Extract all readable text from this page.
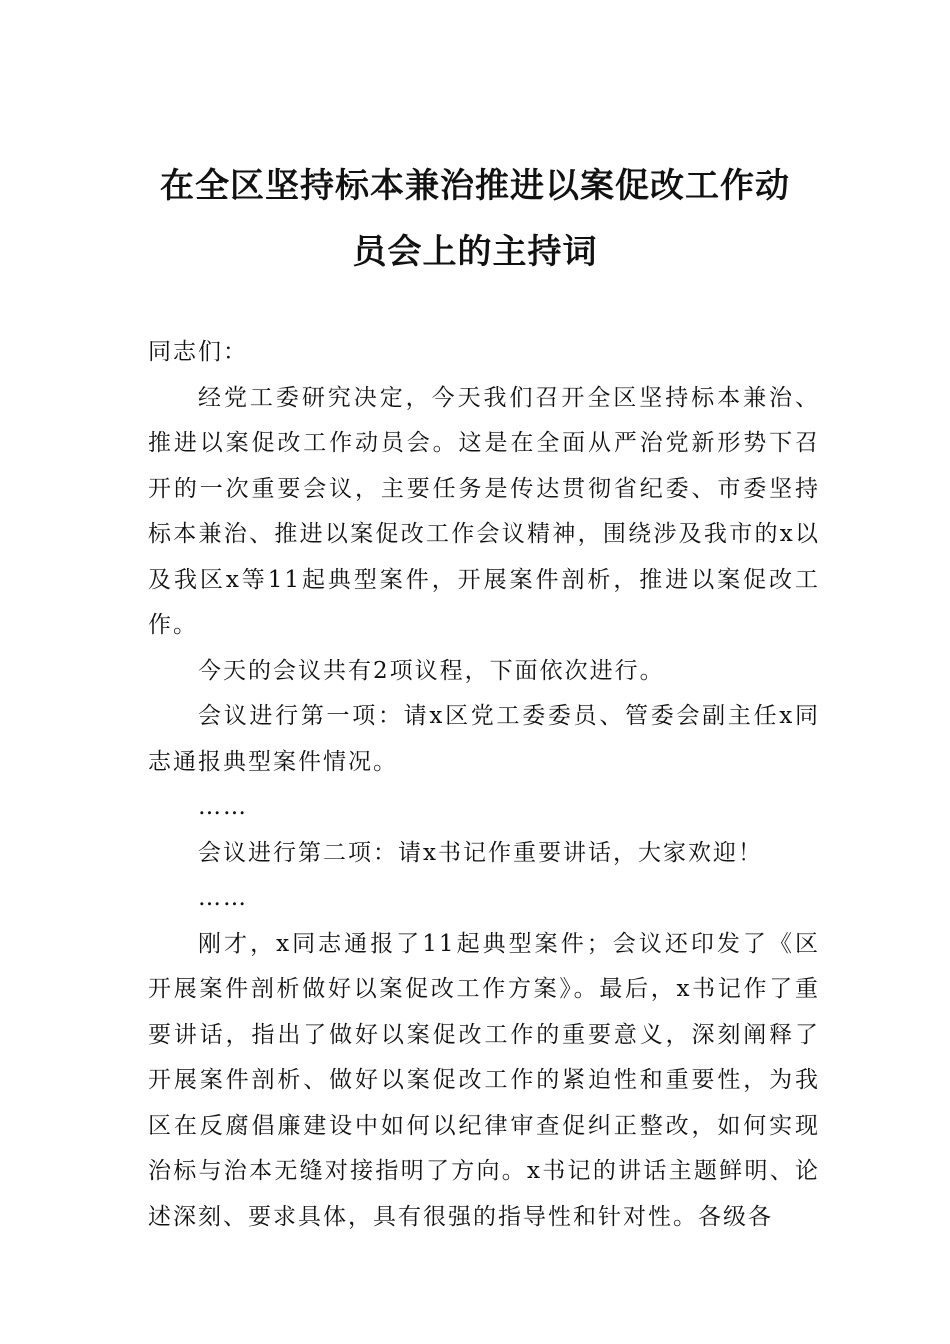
在全区坚持标本兼治推进以案促改工作动
员会上的主持词

同志们：

经党工委研究决定，今天我们召开全区坚持标本兼治、推进以案促改工作动员会。这是在全面从严治党新形势下召开的一次重要会议，主要任务是传达贯彻省纪委、市委坚持标本兼治、推进以案促改工作会议精神，围绕涉及我市的x以及我区x等11起典型案件，开展案件剖析，推进以案促改工作。

今天的会议共有2项议程，下面依次进行。

会议进行第一项：请x区党工委委员、管委会副主任x同志通报典型案件情况。

……

会议进行第二项：请x书记作重要讲话，大家欢迎！

……

刚才，x同志通报了11起典型案件；会议还印发了《区开展案件剖析做好以案促改工作方案》。最后，x书记作了重要讲话，指出了做好以案促改工作的重要意义，深刻阐释了开展案件剖析、做好以案促改工作的紧迫性和重要性，为我区在反腐倡廉建设中如何以纪律审查促纠正整改，如何实现治标与治本无缝对接指明了方向。x书记的讲话主题鲜明、论述深刻、要求具体，具有很强的指导性和针对性。各级各
